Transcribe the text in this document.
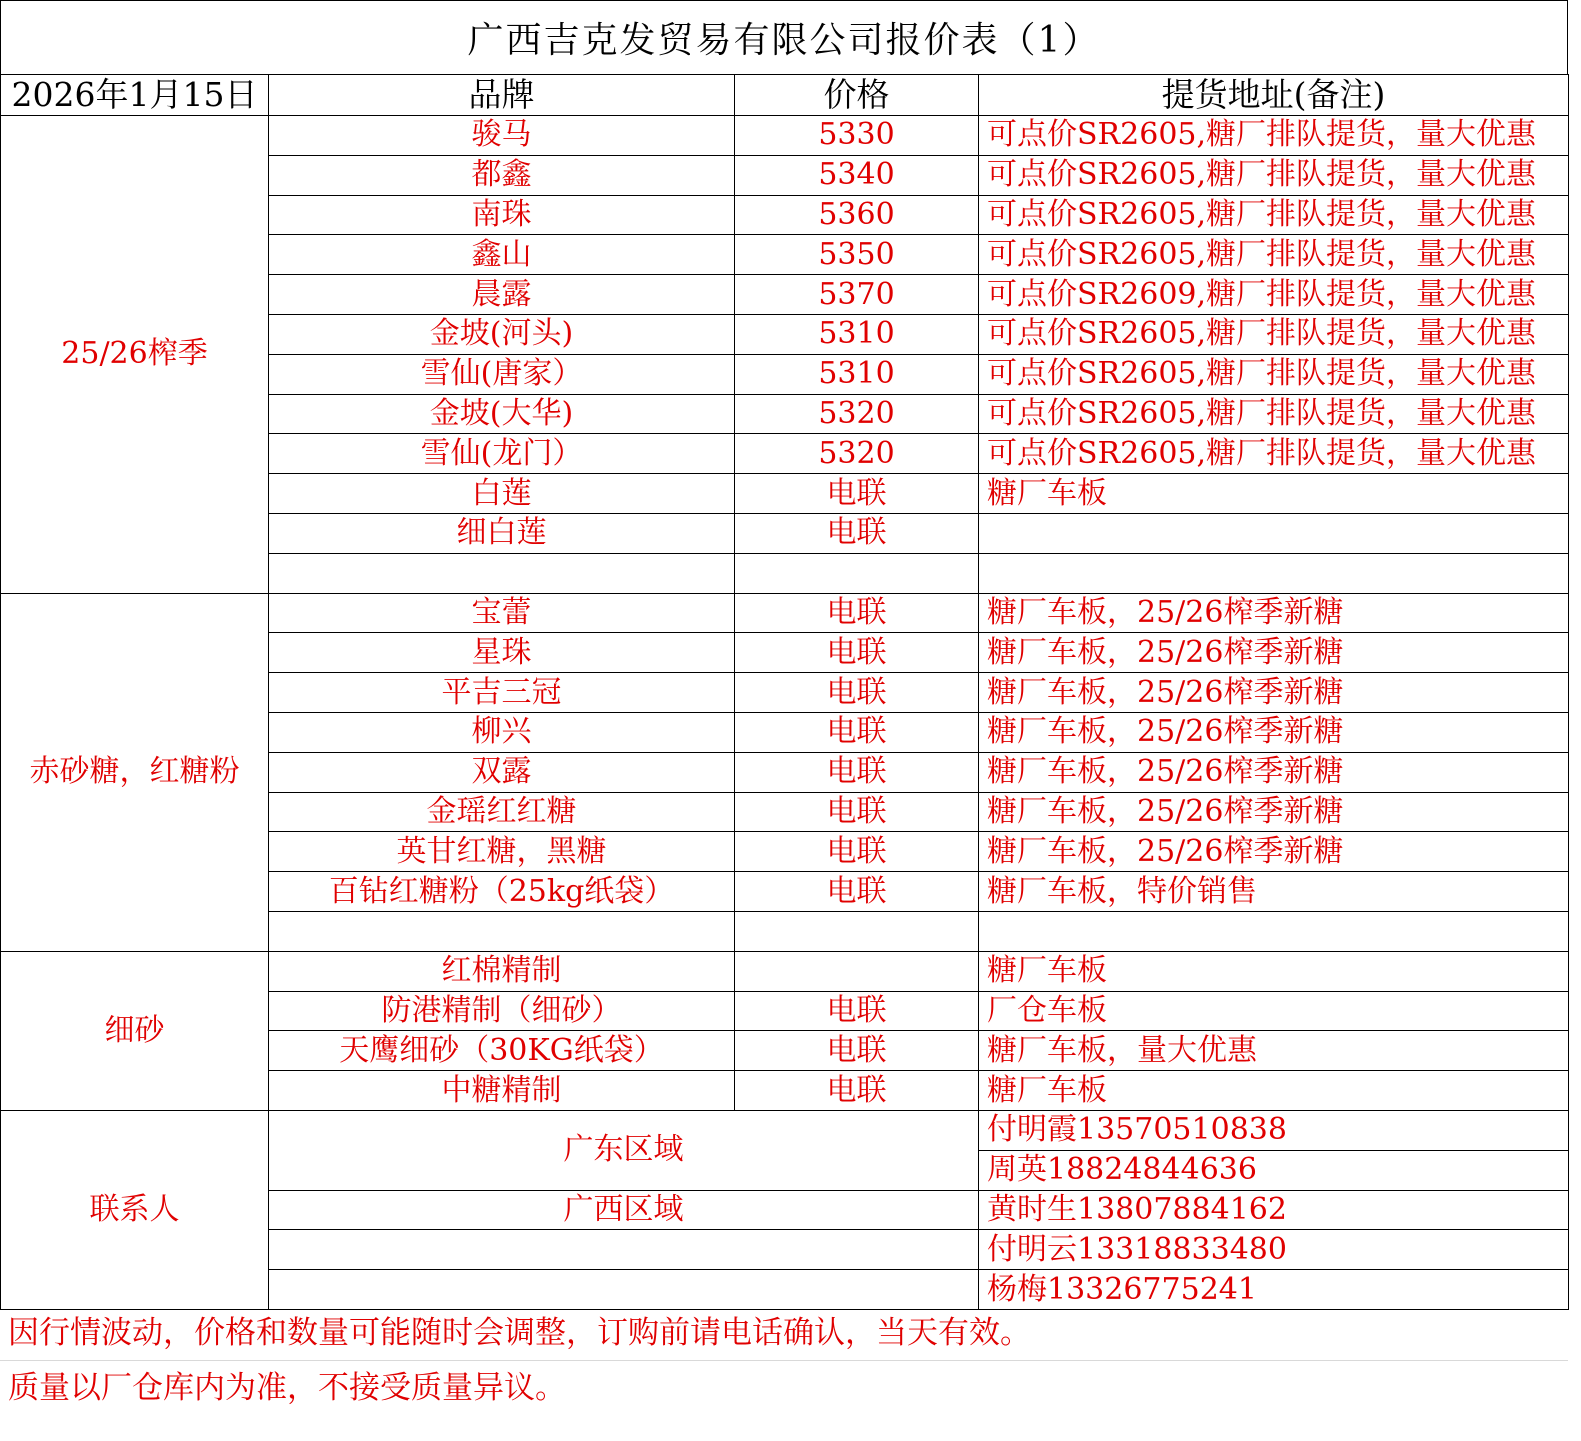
广西吉克发贸易有限公司报价表（1）
2026年1月15日	品牌	价格	提货地址(备注)
25/26榨季	骏马	5330	可点价SR2605,糖厂排队提货，量大优惠
	都鑫	5340	可点价SR2605,糖厂排队提货，量大优惠
	南珠	5360	可点价SR2605,糖厂排队提货，量大优惠
	鑫山	5350	可点价SR2605,糖厂排队提货，量大优惠
	晨露	5370	可点价SR2609,糖厂排队提货，量大优惠
	金坡(河头)	5310	可点价SR2605,糖厂排队提货，量大优惠
	雪仙(唐家）	5310	可点价SR2605,糖厂排队提货，量大优惠
	金坡(大华)	5320	可点价SR2605,糖厂排队提货，量大优惠
	雪仙(龙门）	5320	可点价SR2605,糖厂排队提货，量大优惠
	白莲	电联	糖厂车板
	细白莲	电联	

赤砂糖，红糖粉	宝蕾	电联	糖厂车板，25/26榨季新糖
	星珠	电联	糖厂车板，25/26榨季新糖
	平吉三冠	电联	糖厂车板，25/26榨季新糖
	柳兴	电联	糖厂车板，25/26榨季新糖
	双露	电联	糖厂车板，25/26榨季新糖
	金瑶红红糖	电联	糖厂车板，25/26榨季新糖
	英甘红糖，黑糖	电联	糖厂车板，25/26榨季新糖
	百钻红糖粉（25kg纸袋）	电联	糖厂车板，特价销售

细砂	红棉精制		糖厂车板
	防港精制（细砂）	电联	厂仓车板
	天鹰细砂（30KG纸袋）	电联	糖厂车板，量大优惠
	中糖精制	电联	糖厂车板
联系人	广东区域		付明霞13570510838
			周英18824844636
	广西区域		黄时生13807884162
			付明云13318833480
			杨梅13326775241
因行情波动，价格和数量可能随时会调整，订购前请电话确认，当天有效。
质量以厂仓库内为准，不接受质量异议。
